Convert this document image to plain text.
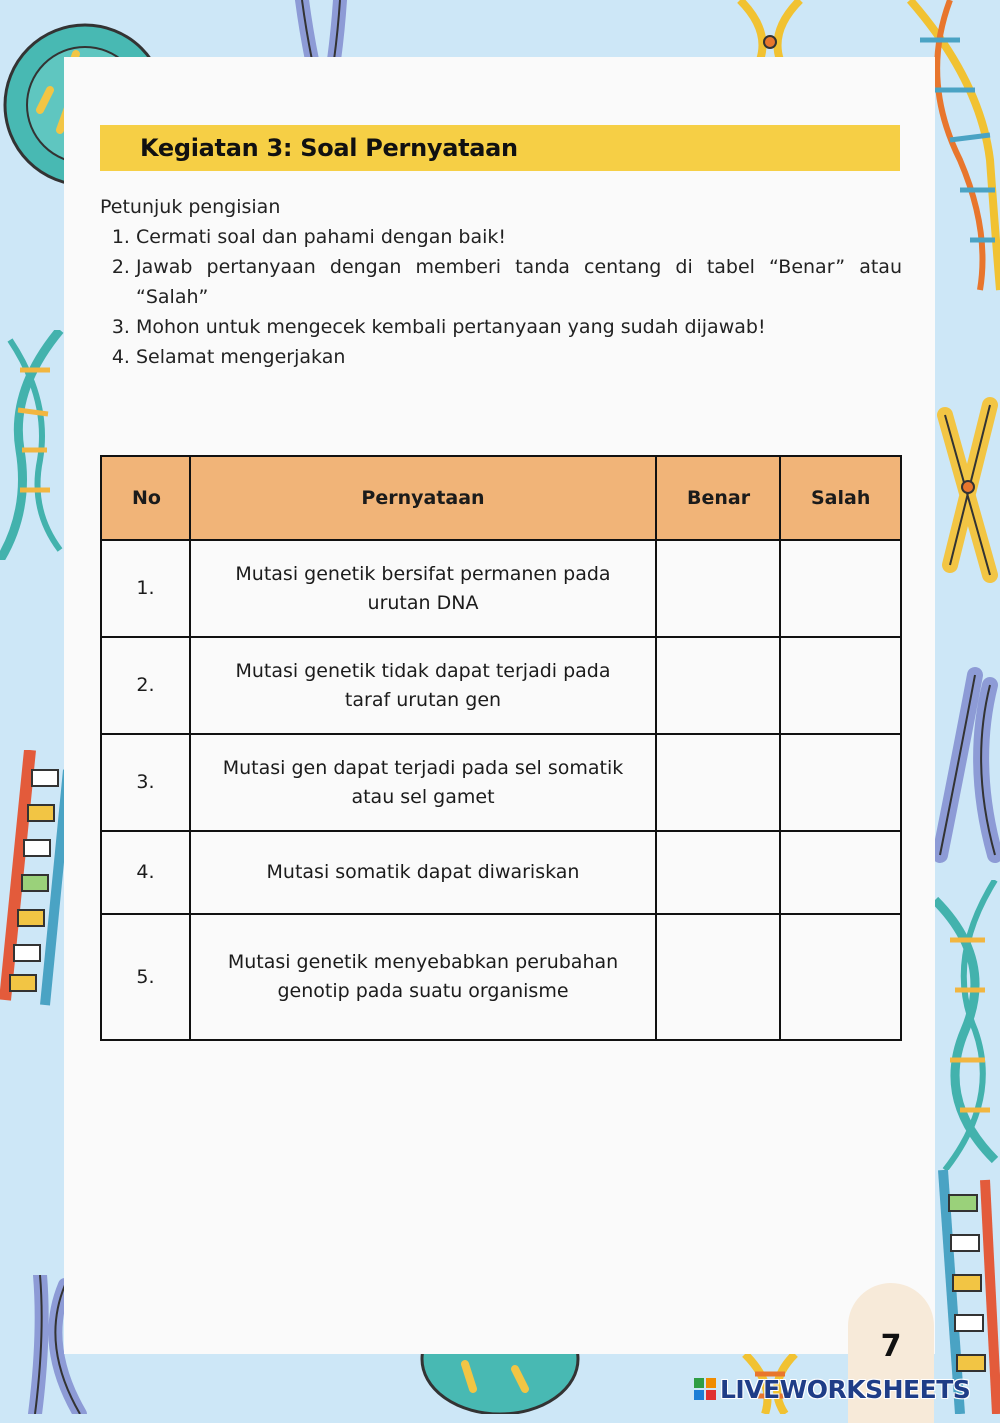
Kegiatan 3: Soal Pernyataan
Petunjuk pengisian
1. Cermati soal dan pahami dengan baik!
2. Jawab pertanyaan dengan memberi tanda centang di tabel “Benar” atau “Salah”
3. Mohon untuk mengecek kembali pertanyaan yang sudah dijawab!
4. Selamat mengerjakan
No	Pernyataan	Benar	Salah
1.	Mutasi genetik bersifat permanen pada urutan DNA		
2.	Mutasi genetik tidak dapat terjadi pada taraf urutan gen		
3.	Mutasi gen dapat terjadi pada sel somatik atau sel gamet		
4.	Mutasi somatik dapat diwariskan		
5.	Mutasi genetik menyebabkan perubahan genotip pada suatu organisme		
7
LIVEWORKSHEETS
